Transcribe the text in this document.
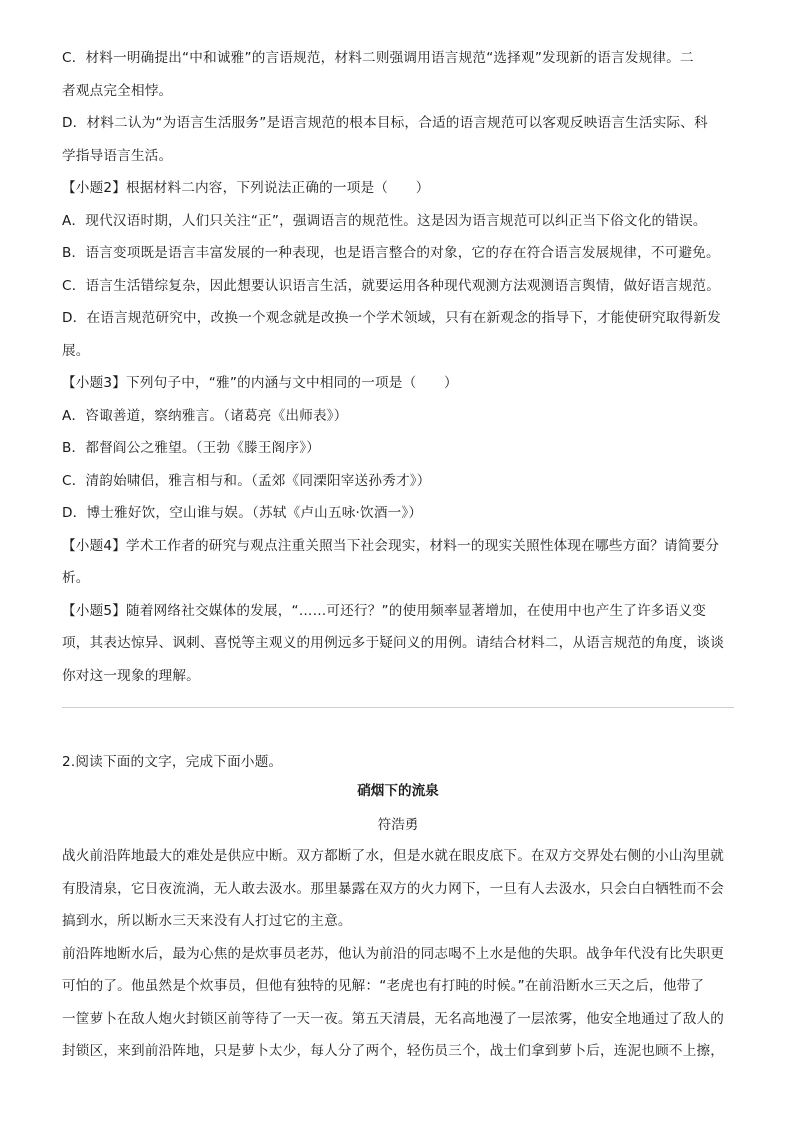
C．材料一明确提出“中和诚雅”的言语规范，材料二则强调用语言规范“选择观”发现新的语言发规律。二

者观点完全相悖。

D．材料二认为“为语言生活服务”是语言规范的根本目标，合适的语言规范可以客观反映语言生活实际、科

学指导语言生活。

【小题2】根据材料二内容，下列说法正确的一项是（　　）

A．现代汉语时期，人们只关注“正”，强调语言的规范性。这是因为语言规范可以纠正当下俗文化的错误。

B．语言变项既是语言丰富发展的一种表现，也是语言整合的对象，它的存在符合语言发展规律，不可避免。

C．语言生活错综复杂，因此想要认识语言生活，就要运用各种现代观测方法观测语言舆情，做好语言规范。

D．在语言规范研究中，改换一个观念就是改换一个学术领域，只有在新观念的指导下，才能使研究取得新发

展。

【小题3】下列句子中，“雅”的内涵与文中相同的一项是（　　）

A．咨诹善道，察纳雅言。（诸葛亮《出师表》）

B．都督阎公之雅望。（王勃《滕王阁序》）

C．清韵始啸侣，雅言相与和。（孟郊《同溧阳宰送孙秀才》）

D．博士雅好饮，空山谁与娱。（苏轼《卢山五咏·饮酒一》）

【小题4】学术工作者的研究与观点注重关照当下社会现实，材料一的现实关照性体现在哪些方面？请简要分

析。

【小题5】随着网络社交媒体的发展，“……可还行？”的使用频率显著增加，在使用中也产生了许多语义变

项，其表达惊异、讽刺、喜悦等主观义的用例远多于疑问义的用例。请结合材料二，从语言规范的角度，谈谈

你对这一现象的理解。

2.阅读下面的文字，完成下面小题。

硝烟下的流泉
符浩勇

战火前沿阵地最大的难处是供应中断。双方都断了水，但是水就在眼皮底下。在双方交界处右侧的小山沟里就

有股清泉，它日夜流淌，无人敢去汲水。那里暴露在双方的火力网下，一旦有人去汲水，只会白白牺牲而不会

搞到水，所以断水三天来没有人打过它的主意。

前沿阵地断水后，最为心焦的是炊事员老苏，他认为前沿的同志喝不上水是他的失职。战争年代没有比失职更

可怕的了。他虽然是个炊事员，但他有独特的见解：“老虎也有打盹的时候。”在前沿断水三天之后，他带了

一筐萝卜在敌人炮火封锁区前等待了一天一夜。第五天清晨，无名高地漫了一层浓雾，他安全地通过了敌人的

封锁区，来到前沿阵地，只是萝卜太少，每人分了两个，轻伤员三个，战士们拿到萝卜后，连泥也顾不上擦，
